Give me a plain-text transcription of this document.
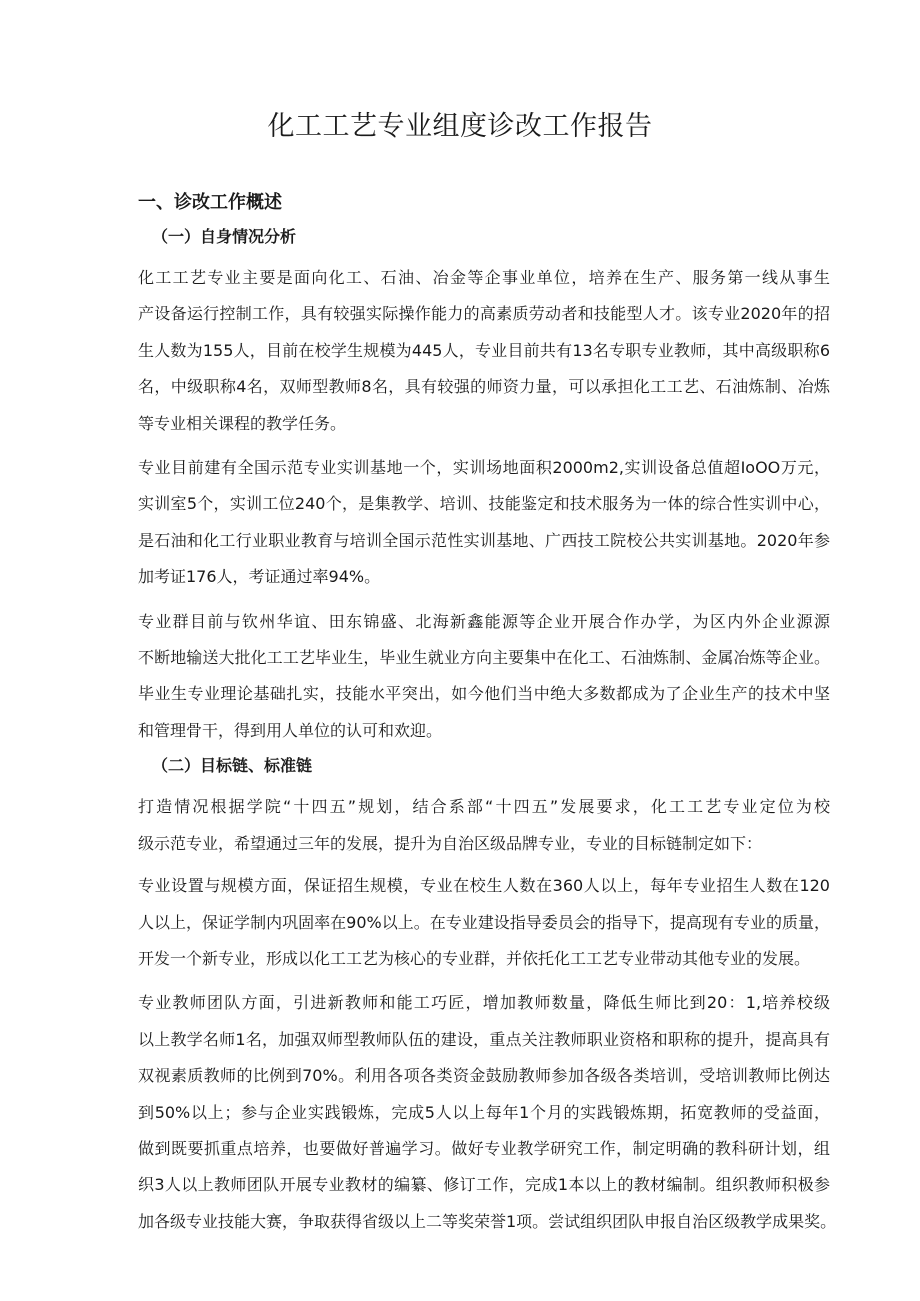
化工工艺专业组度诊改工作报告
一、诊改工作概述
（一）自身情况分析

化工工艺专业主要是面向化工、石油、冶金等企事业单位，培养在生产、服务第一线从事生
产设备运行控制工作，具有较强实际操作能力的高素质劳动者和技能型人才。该专业2020年的招
生人数为155人，目前在校学生规模为445人，专业目前共有13名专职专业教师，其中高级职称6
名，中级职称4名，双师型教师8名，具有较强的师资力量，可以承担化工工艺、石油炼制、冶炼
等专业相关课程的教学任务。

专业目前建有全国示范专业实训基地一个，实训场地面积2000m2,实训设备总值超IoOO万元，
实训室5个，实训工位240个，是集教学、培训、技能鉴定和技术服务为一体的综合性实训中心，
是石油和化工行业职业教育与培训全国示范性实训基地、广西技工院校公共实训基地。2020年参
加考证176人，考证通过率94%。

专业群目前与钦州华谊、田东锦盛、北海新鑫能源等企业开展合作办学，为区内外企业源源
不断地输送大批化工工艺毕业生，毕业生就业方向主要集中在化工、石油炼制、金属冶炼等企业。
毕业生专业理论基础扎实，技能水平突出，如今他们当中绝大多数都成为了企业生产的技术中坚
和管理骨干，得到用人单位的认可和欢迎。

（二）目标链、标准链

打造情况根据学院“十四五”规划，结合系部“十四五”发展要求，化工工艺专业定位为校
级示范专业，希望通过三年的发展，提升为自治区级品牌专业，专业的目标链制定如下：

专业设置与规模方面，保证招生规模，专业在校生人数在360人以上，每年专业招生人数在120
人以上，保证学制内巩固率在90%以上。在专业建设指导委员会的指导下，提高现有专业的质量，
开发一个新专业，形成以化工工艺为核心的专业群，并依托化工工艺专业带动其他专业的发展。

专业教师团队方面，引进新教师和能工巧匠，增加教师数量，降低生师比到20：1,培养校级
以上教学名师1名，加强双师型教师队伍的建设，重点关注教师职业资格和职称的提升，提高具有
双视素质教师的比例到70%。利用各项各类资金鼓励教师参加各级各类培训，受培训教师比例达
到50%以上；参与企业实践锻炼，完成5人以上每年1个月的实践锻炼期，拓宽教师的受益面，
做到既要抓重点培养，也要做好普遍学习。做好专业教学研究工作，制定明确的教科研计划，组
织3人以上教师团队开展专业教材的编纂、修订工作，完成1本以上的教材编制。组织教师积极参
加各级专业技能大赛，争取获得省级以上二等奖荣誉1项。尝试组织团队申报自治区级教学成果奖。
